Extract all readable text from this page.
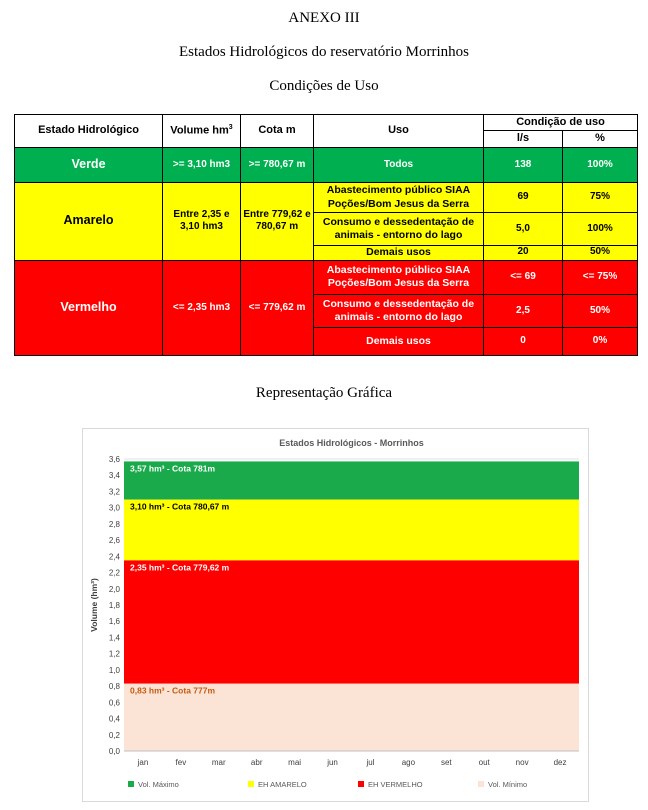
ANEXO III
Estados Hidrológicos do reservatório Morrinhos
Condições de Uso
Estado Hidrológico	Volume $hm^3$	Cota m	Uso	Condição de uso	
				l/s	%
Verde	>= 3,10 hm3	>= 780,67 m	Todos	138	100%
Amarelo	Entre 2,35 e 3,10 hm3	Entre 779,62 e 780,67 m	Abastecimento público SIAA Poções/Bom Jesus da Serra	69	75%
			Consumo e dessedentação de animais - entorno do lago	5,0	100%
			Demais usos	20	50%
Vermelho	<= 2,35 hm3	<= 779,62 m	Abastecimento público SIAA Poções/Bom Jesus da Serra	<= 69	<= 75%
			Consumo e dessedentação de animais - entorno do lago	2,5	50%
			Demais usos	0	0%
Representação Gráfica
Estados Hidrológicos - Morrinhos
3,57 hm³ - Cota 781m
3,10 hm³ - Cota 780,67 m
2,35 hm³ - Cota 779,62 m
0,83 hm³ - Cota 777m
0,0
0,2
0,4
0,6
0,8
1,0
1,2
1,4
1,6
1,8
2,0
2,2
2,4
2,6
2,8
3,0
3,2
3,4
3,6
jan	fev	mar	abr	mai	jun	jul	ago	set	out	nov	dez
Volume (hm³)
Vol. Máximo	EH AMARELO	EH VERMELHO	Vol. Mínimo
